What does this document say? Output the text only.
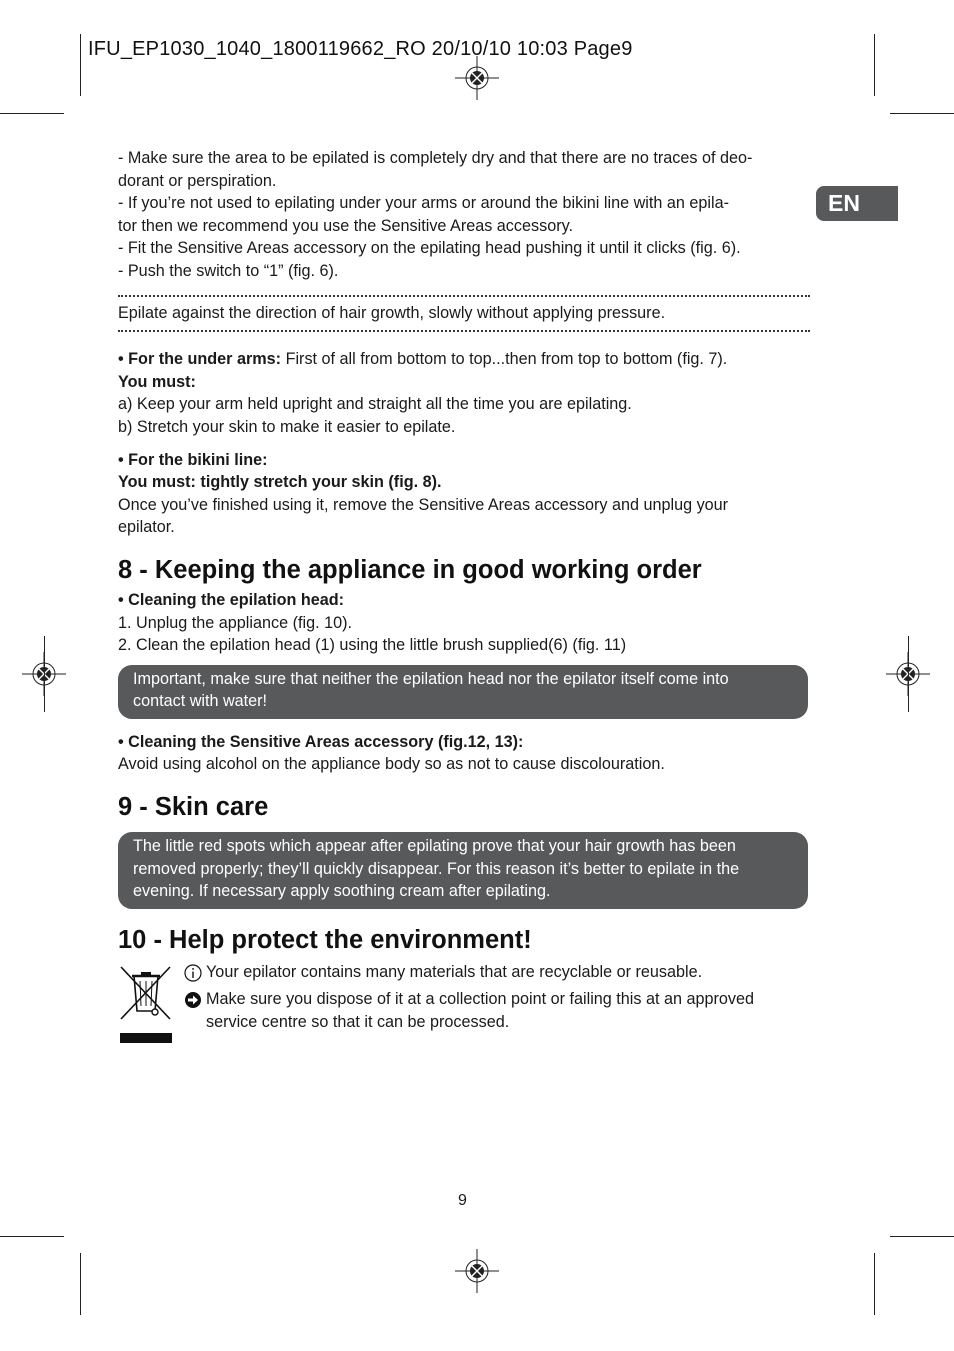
IFU_EP1030_1040_1800119662_RO 20/10/10 10:03 Page9
EN

- Make sure the area to be epilated is completely dry and that there are no traces of deo-

dorant or perspiration.

- If you’re not used to epilating under your arms or around the bikini line with an epila-

tor then we recommend you use the Sensitive Areas accessory.

- Fit the Sensitive Areas accessory on the epilating head pushing it until it clicks (fig. 6).

- Push the switch to “1” (fig. 6).

Epilate against the direction of hair growth, slowly without applying pressure.

• For the under arms: First of all from bottom to top...then from top to bottom (fig. 7).

You must:

a) Keep your arm held upright and straight all the time you are epilating.

b) Stretch your skin to make it easier to epilate.

• For the bikini line:

You must: tightly stretch your skin (fig. 8).

Once you’ve finished using it, remove the Sensitive Areas accessory and unplug your

epilator.

8 - Keeping the appliance in good working order

• Cleaning the epilation head:

1. Unplug the appliance (fig. 10).

2. Clean the epilation head (1) using the little brush supplied(6) (fig. 11)

Important, make sure that neither the epilation head nor the epilator itself come into

contact with water!

• Cleaning the Sensitive Areas accessory (fig.12, 13):

Avoid using alcohol on the appliance body so as not to cause discolouration.

9 - Skin care

The little red spots which appear after epilating prove that your hair growth has been

removed properly; they’ll quickly disappear. For this reason it’s better to epilate in the

evening. If necessary apply soothing cream after epilating.

10 - Help protect the environment!
Your epilator contains many materials that are recyclable or reusable.
Make sure you dispose of it at a collection point or failing this at an approved
service centre so that it can be processed.
9
